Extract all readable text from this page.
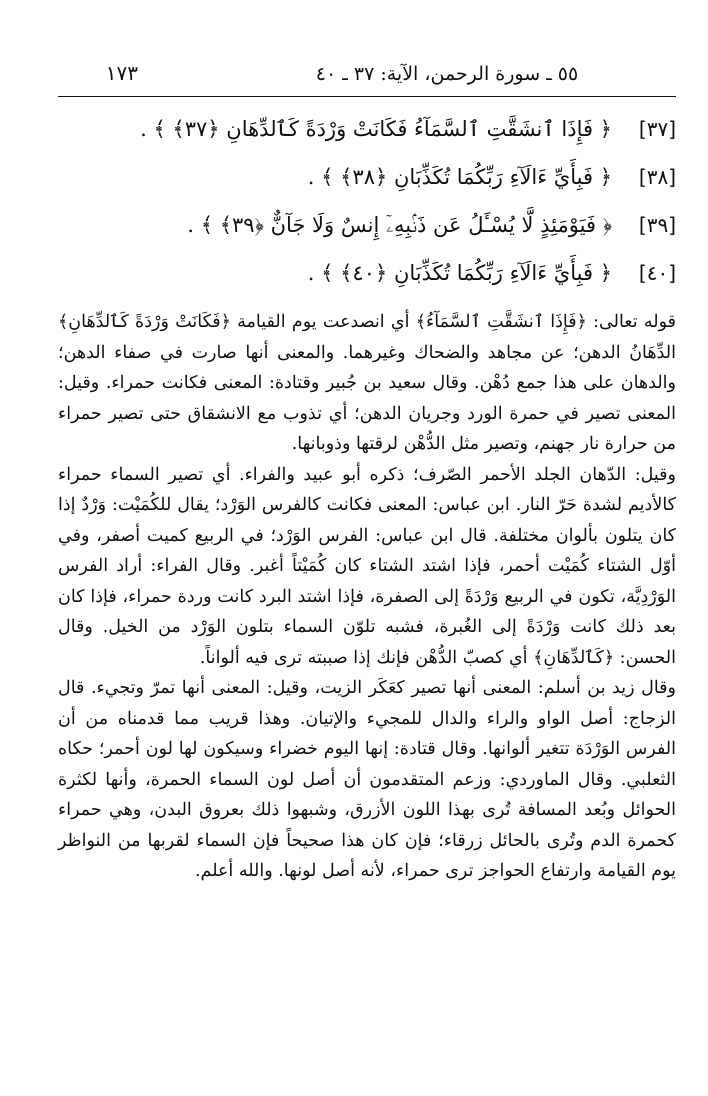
٥٥ ـ سورة الرحمن، الآية: ٣٧ ـ ٤٠
١٧٣
[٣٧]
﴿ فَإِذَا ٱنشَقَّتِ ٱلسَّمَآءُ فَكَانَتْ وَرْدَةً كَٱلدِّهَانِ ﴿٣٧﴾ ﴾ .
[٣٨]
﴿ فَبِأَيِّ ءَالَآءِ رَبِّكُمَا تُكَذِّبَانِ ﴿٣٨﴾ ﴾ .
[٣٩]
﴿ فَيَوْمَئِذٍ لَّا يُسْـَٔلُ عَن ذَنۢبِهِۦٓ إِنسٌ وَلَا جَآنٌّ ﴿٣٩﴾ ﴾ .
[٤٠]
﴿ فَبِأَيِّ ءَالَآءِ رَبِّكُمَا تُكَذِّبَانِ ﴿٤٠﴾ ﴾ .

قوله تعالى: ﴿فَإِذَا ٱنشَقَّتِ ٱلسَّمَآءُ﴾ أي انصدعت يوم القيامة ﴿فَكَانَتْ وَرْدَةً كَٱلدِّهَانِ﴾ الدِّهَانُ الدهن؛ عن مجاهد والضحاك وغيرهما. والمعنى أنها صارت في صفاء الدهن؛ والدهان على هذا جمع دُهْن. وقال سعيد بن جُبير وقتادة: المعنى فكانت حمراء. وقيل: المعنى تصير في حمرة الورد وجريان الدهن؛ أي تذوب مع الانشقاق حتى تصير حمراء من حرارة نار جهنم، وتصير مثل الدُّهْن لرقتها وذوبانها.

وقيل: الدّهان الجلد الأحمر الصّرف؛ ذكره أبو عبيد والفراء. أي تصير السماء حمراء كالأديم لشدة حَرّ النار. ابن عباس: المعنى فكانت كالفرس الوَرْد؛ يقال للكُمَيْت: وَرْدٌ إذا كان يتلون بألوان مختلفة. قال ابن عباس: الفرس الوَرْد؛ في الربيع كميت أصفر، وفي أوّل الشتاء كُمَيْت أحمر، فإذا اشتد الشتاء كان كُمَيْتاً أغبر. وقال الفراء: أراد الفرس الوَرْدِيَّة، تكون في الربيع وَرْدَةً إلى الصفرة، فإذا اشتد البرد كانت وردة حمراء، فإذا كان بعد ذلك كانت وَرْدَةً إلى الغُبرة، فشبه تلوّن السماء بتلون الوَرْد من الخيل. وقال الحسن: ﴿كَٱلدِّهَانِ﴾ أي كصبّ الدُّهْن فإنك إذا صببته ترى فيه ألواناً.

وقال زيد بن أسلم: المعنى أنها تصير كعَكَر الزيت، وقيل: المعنى أنها تمرّ وتجيء. قال الزجاج: أصل الواو والراء والدال للمجيء والإتيان. وهذا قريب مما قدمناه من أن الفرس الوَرْدَة تتغير ألوانها. وقال قتادة: إنها اليوم خضراء وسيكون لها لون أحمر؛ حكاه الثعلبي. وقال الماوردي: وزعم المتقدمون أن أصل لون السماء الحمرة، وأنها لكثرة الحوائل وبُعد المسافة تُرى بهذا اللون الأزرق، وشبهوا ذلك بعروق البدن، وهي حمراء كحمرة الدم وتُرى بالحائل زرقاء؛ فإن كان هذا صحيحاً فإن السماء لقربها من النواظر يوم القيامة وارتفاع الحواجز ترى حمراء، لأنه أصل لونها. والله أعلم.
